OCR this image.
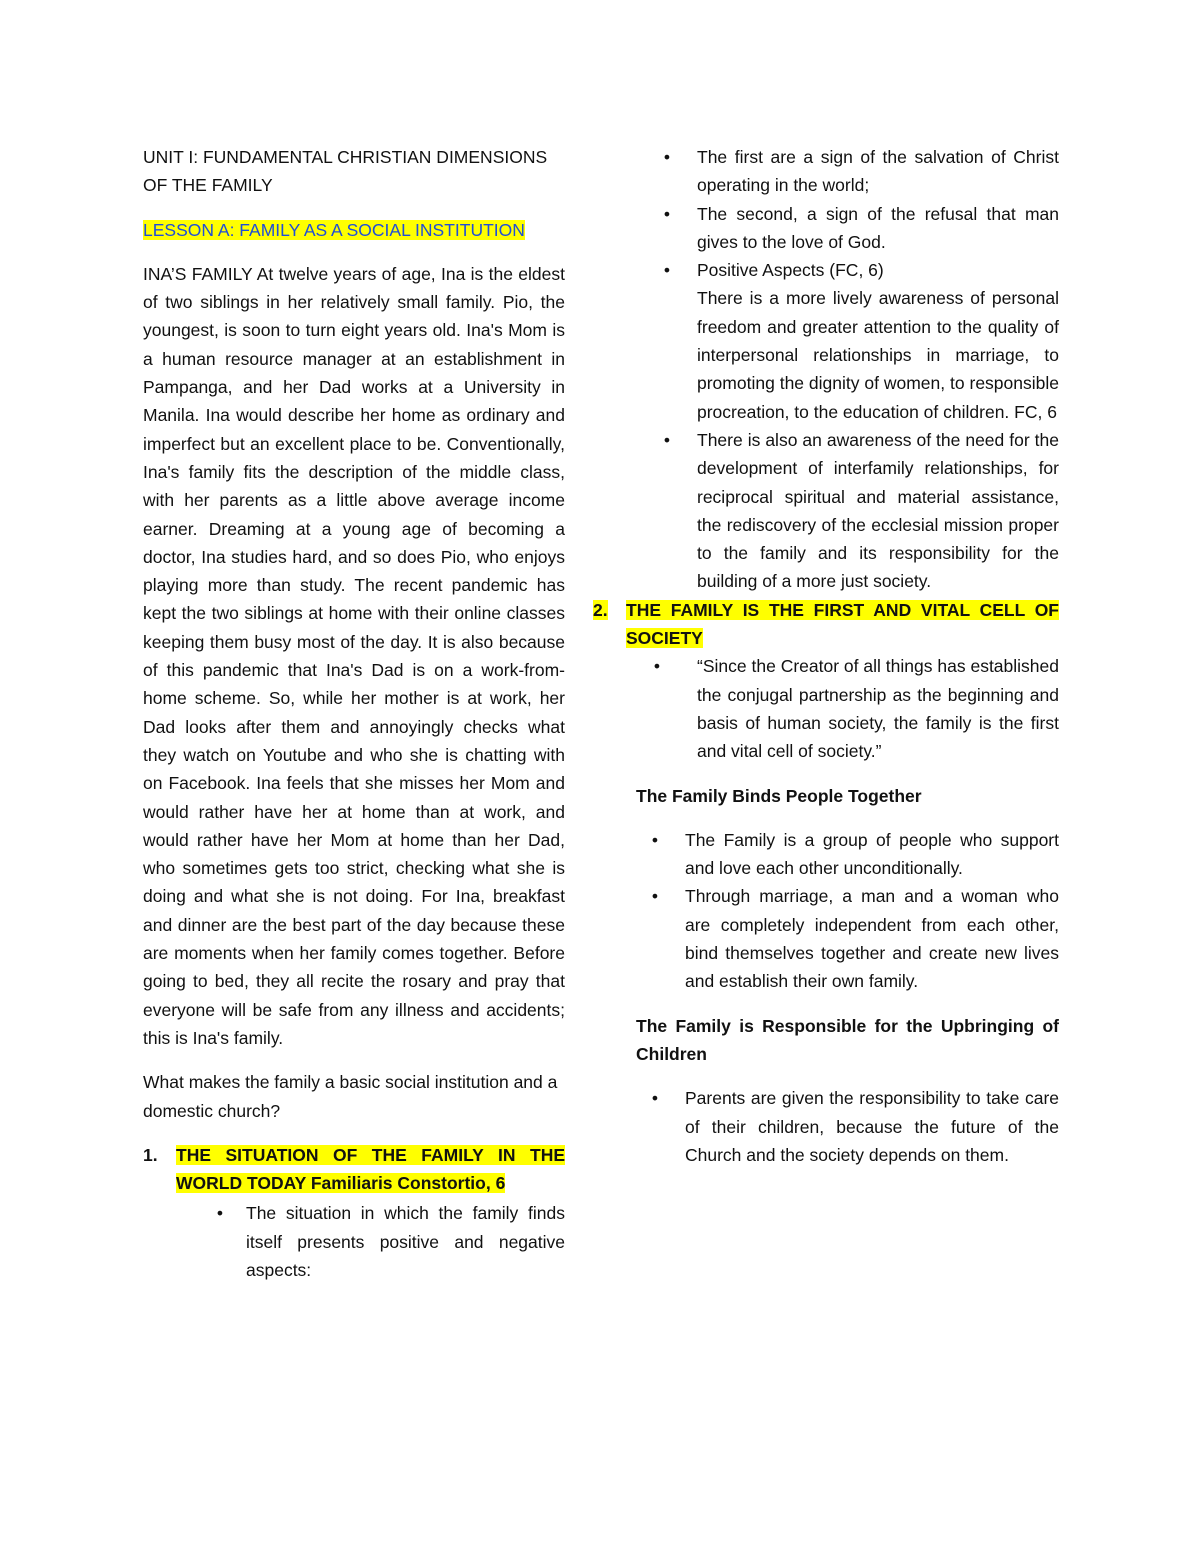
UNIT I: FUNDAMENTAL CHRISTIAN DIMENSIONS OF THE FAMILY

LESSON A: FAMILY AS A SOCIAL INSTITUTION

INA’S FAMILY At twelve years of age, Ina is the eldest of two siblings in her relatively small family. Pio, the youngest, is soon to turn eight years old. Ina's Mom is a human resource manager at an establishment in Pampanga, and her Dad works at a University in Manila. Ina would describe her home as ordinary and imperfect but an excellent place to be. Conventionally, Ina's family fits the description of the middle class, with her parents as a little above average income earner. Dreaming at a young age of becoming a doctor, Ina studies hard, and so does Pio, who enjoys playing more than study. The recent pandemic has kept the two siblings at home with their online classes keeping them busy most of the day. It is also because of this pandemic that Ina's Dad is on a work-from-home scheme. So, while her mother is at work, her Dad looks after them and annoyingly checks what they watch on Youtube and who she is chatting with on Facebook. Ina feels that she misses her Mom and would rather have her at home than at work, and would rather have her Mom at home than her Dad, who sometimes gets too strict, checking what she is doing and what she is not doing. For Ina, breakfast and dinner are the best part of the day because these are moments when her family comes together. Before going to bed, they all recite the rosary and pray that everyone will be safe from any illness and accidents; this is Ina's family.

What makes the family a basic social institution and a domestic church?

1.	THE SITUATION OF THE FAMILY IN THE WORLD TODAY Familiaris Constortio, 6

•	The situation in which the family finds itself presents positive and negative aspects:

•	The first are a sign of the salvation of Christ operating in the world;

•	The second, a sign of the refusal that man gives to the love of God.

•	Positive Aspects (FC, 6)

There is a more lively awareness of personal freedom and greater attention to the quality of interpersonal relationships in marriage, to promoting the dignity of women, to responsible procreation, to the education of children. FC, 6

•	There is also an awareness of the need for the development of interfamily relationships, for reciprocal spiritual and material assistance, the rediscovery of the ecclesial mission proper to the family and its responsibility for the building of a more just society.

2. THE FAMILY IS THE FIRST AND VITAL CELL OF SOCIETY

•	“Since the Creator of all things has established the conjugal partnership as the beginning and basis of human society, the family is the first and vital cell of society.”

The Family Binds People Together

•	The Family is a group of people who support and love each other unconditionally.

•	Through marriage, a man and a woman who are completely independent from each other, bind themselves together and create new lives and establish their own family.

The Family is Responsible for the Upbringing of Children

•	Parents are given the responsibility to take care of their children, because the future of the Church and the society depends on them.
